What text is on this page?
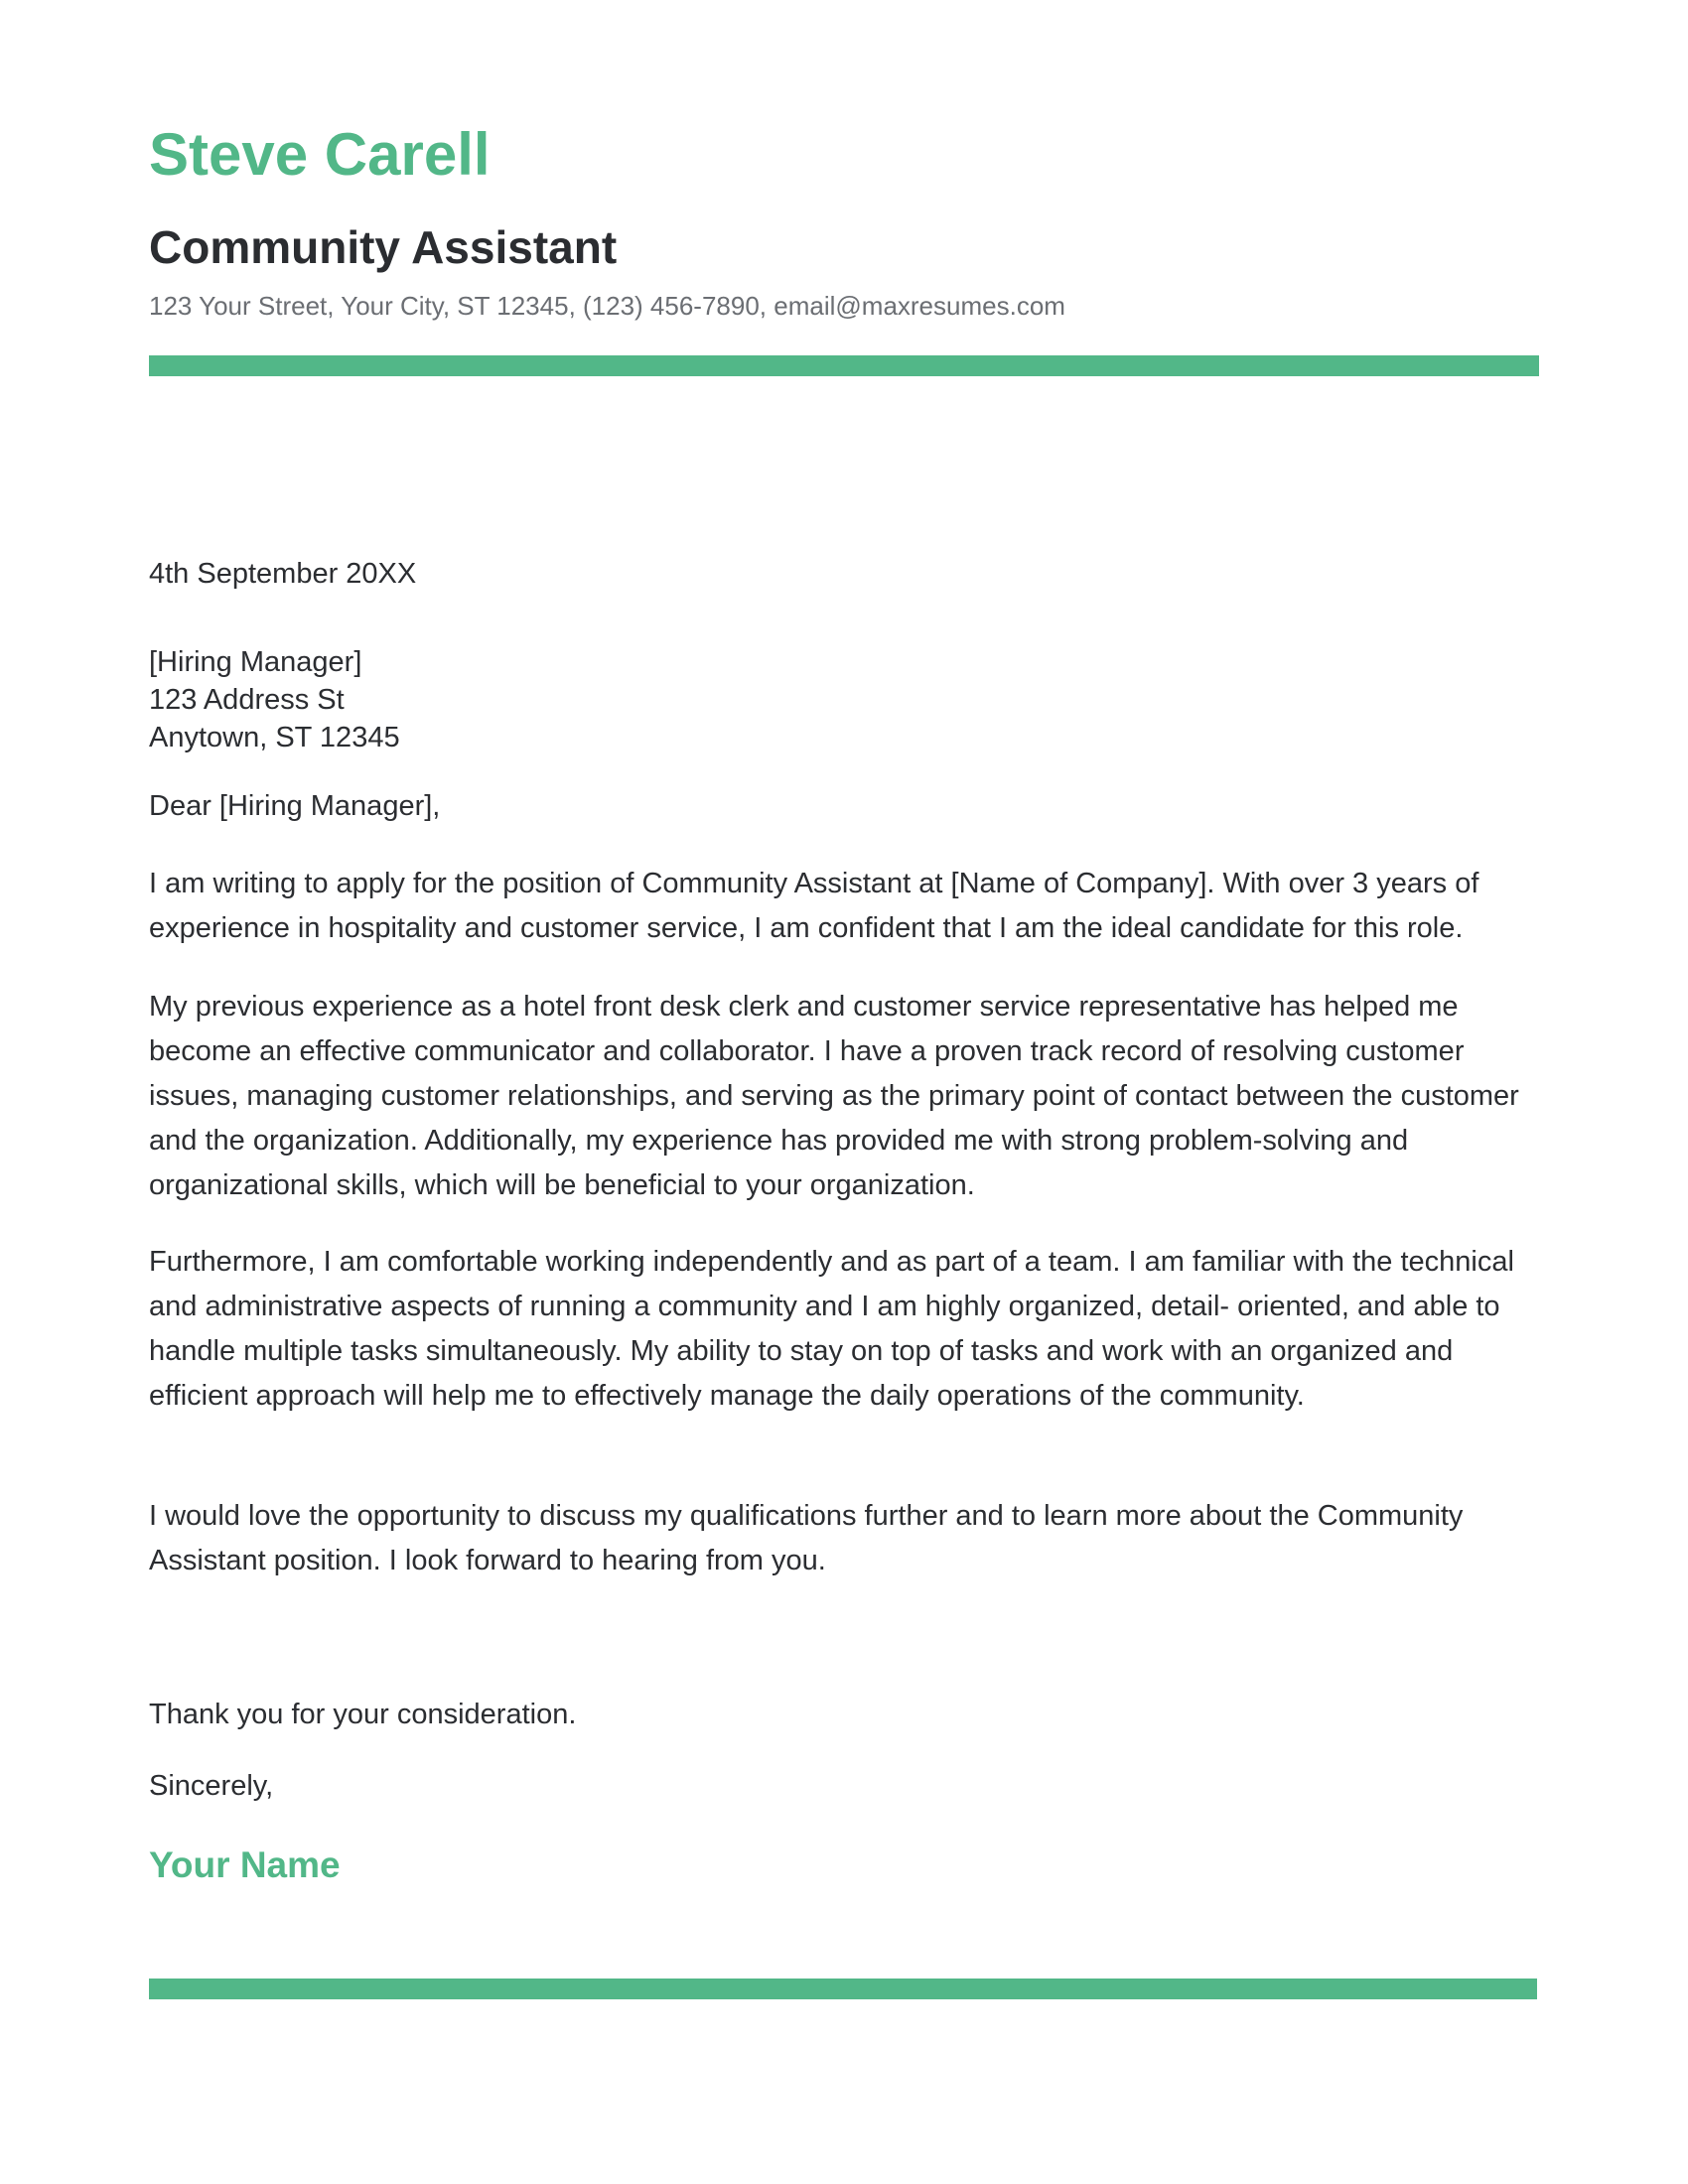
Steve Carell
Community Assistant
123 Your Street, Your City, ST 12345, (123) 456-7890, email@maxresumes.com

4th September 20XX

[Hiring Manager]
123 Address St
Anytown, ST 12345

Dear [Hiring Manager],

I am writing to apply for the position of Community Assistant at [Name of Company]. With over 3 years of experience in hospitality and customer service, I am confident that I am the ideal candidate for this role.

My previous experience as a hotel front desk clerk and customer service representative has helped me become an effective communicator and collaborator. I have a proven track record of resolving customer issues, managing customer relationships, and serving as the primary point of contact between the customer and the organization. Additionally, my experience has provided me with strong problem-solving and organizational skills, which will be beneficial to your organization.

Furthermore, I am comfortable working independently and as part of a team. I am familiar with the technical and administrative aspects of running a community and I am highly organized, detail- oriented, and able to handle multiple tasks simultaneously. My ability to stay on top of tasks and work with an organized and efficient approach will help me to effectively manage the daily operations of the community.

I would love the opportunity to discuss my qualifications further and to learn more about the Community Assistant position. I look forward to hearing from you.

Thank you for your consideration.

Sincerely,

Your Name
